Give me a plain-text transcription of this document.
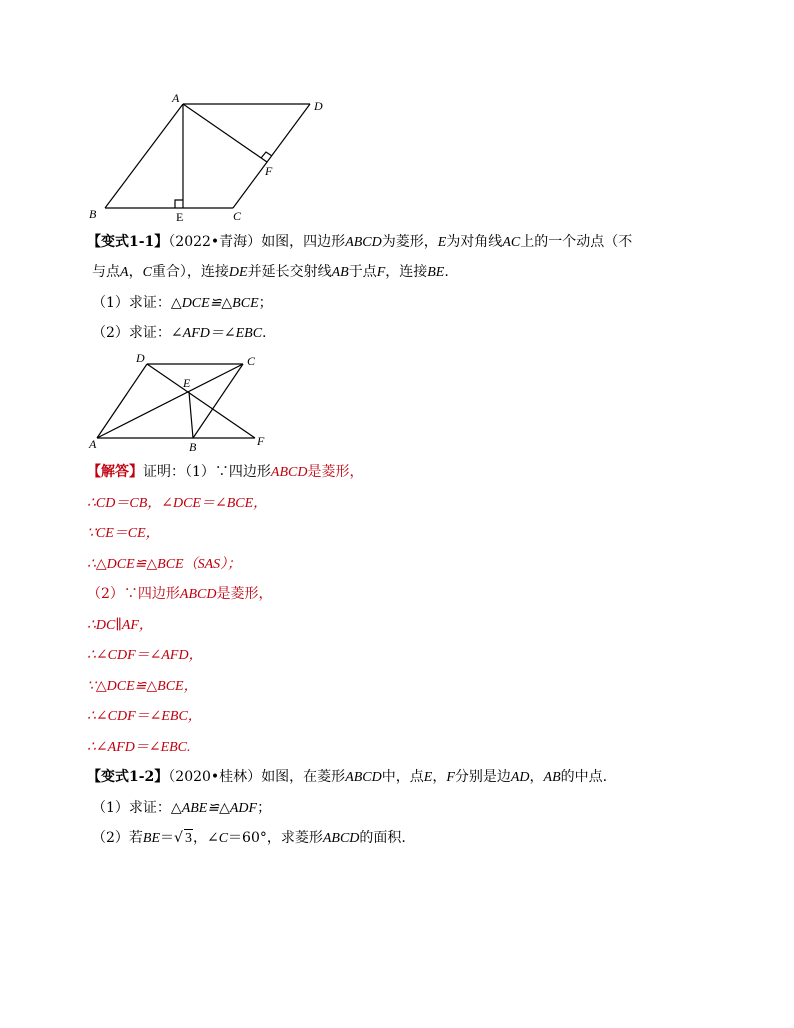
A
B	C
D
E
F
【变式1-1】（2022•青海）如图，四边形ABCD为菱形，E为对角线AC上的一个动点（不
与点A，C重合），连接DE并延长交射线AB于点F，连接BE.
（1）求证：△DCE≌△BCE；
（2）求证：∠AFD＝∠EBC.
D	C
E
A	B	F
【解答】证明：（1）∵四边形ABCD是菱形，
∴CD＝CB，∠DCE＝∠BCE，
∵CE＝CE，
∴△DCE≌△BCE（SAS）；
（2）∵四边形ABCD是菱形，
∴DC∥AF，
∴∠CDF＝∠AFD，
∵△DCE≌△BCE，
∴∠CDF＝∠EBC，
∴∠AFD＝∠EBC.
【变式1-2】（2020•桂林）如图，在菱形ABCD中，点E，F分别是边AD，AB的中点.
（1）求证：△ABE≌△ADF；
（2）若BE＝√ 3，∠C＝60°，求菱形ABCD的面积.
